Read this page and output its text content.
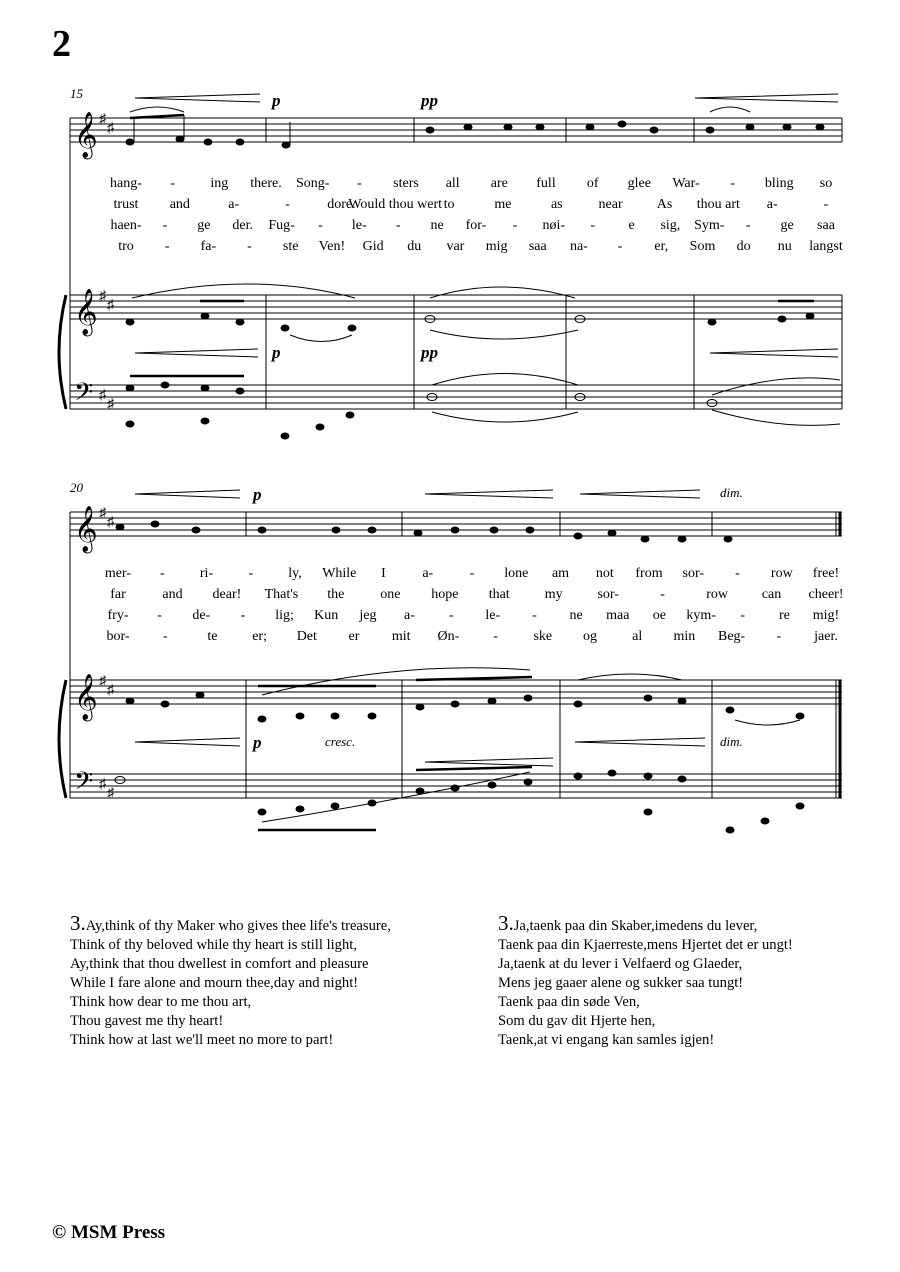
2
𝄞
𝄞
𝄢
𝄞
𝄞
𝄢
♯
♯
♯
♯
♯
♯
♯
♯
♯
♯
♯
♯
15
20
p	pp
p	pp
p	dim.
p	cresc.	dim.
hang- -	ing there. Song- - sters all are full of glee War- - bling so
trust and	a-	-	dore.
Would thou wert to	me	as	near As thou art a-	-
haen- - ge der. Fug- - le- - ne for- - nøi- - e sig, Sym- - ge saa
tro - fa- - ste Ven! Gid du var mig saa na- - er, Som do nu langst
mer- -	ri-	-	ly, While I	a-	- lone am not from sor- - row free!
far	and dear! That's the	one hope that	my sor-	-	row can cheer!
fry- - de- - lig; Kun jeg a- - le- - ne maa oe kym- - re mig!
bor- -	te er; Det er mit Øn- -	ske og	al min Beg- - jaer.
3.Ay,think of thy Maker who gives thee life's treasure,
Think of thy beloved while thy heart is still light,
Ay,think that thou dwellest in comfort and pleasure
While I fare alone and mourn thee,day and night!
Think how dear to me thou art,
Thou gavest me thy heart!
Think how at last we'll meet no more to part!
3.Ja,taenk paa din Skaber,imedens du lever,
Taenk paa din Kjaerreste,mens Hjertet det er ungt!
Ja,taenk at du lever i Velfaerd og Glaeder,
Mens jeg gaaer alene og sukker saa tungt!
Taenk paa din søde Ven,
Som du gav dit Hjerte hen,
Taenk,at vi engang kan samles igjen!
© MSM Press
